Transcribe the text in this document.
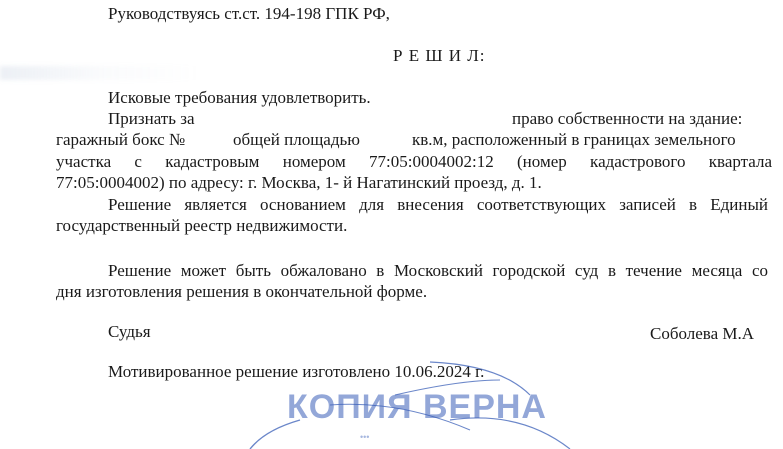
Руководствуясь ст.ст. 194-198 ГПК РФ,
Р Е Ш И Л:
Исковые требования удовлетворить.
Признать за	право собственности на здание:
гаражный бокс №	общей площадью	кв.м, расположенный в границах земельного
участка с кадастровым номером 77:05:0004002:12 (номер кадастрового квартала
77:05:0004002) по адресу: г. Москва, 1- й Нагатинский проезд, д. 1.
Решение является основанием для внесения соответствующих записей в Единый
государственный реестр недвижимости.
Решение может быть обжаловано в Московский городской суд в течение месяца со
дня изготовления решения в окончательной форме.
Судья	Соболева М.А
Мотивированное решение изготовлено 10.06.2024 г.
КОПИЯ ВЕРНА
•••
